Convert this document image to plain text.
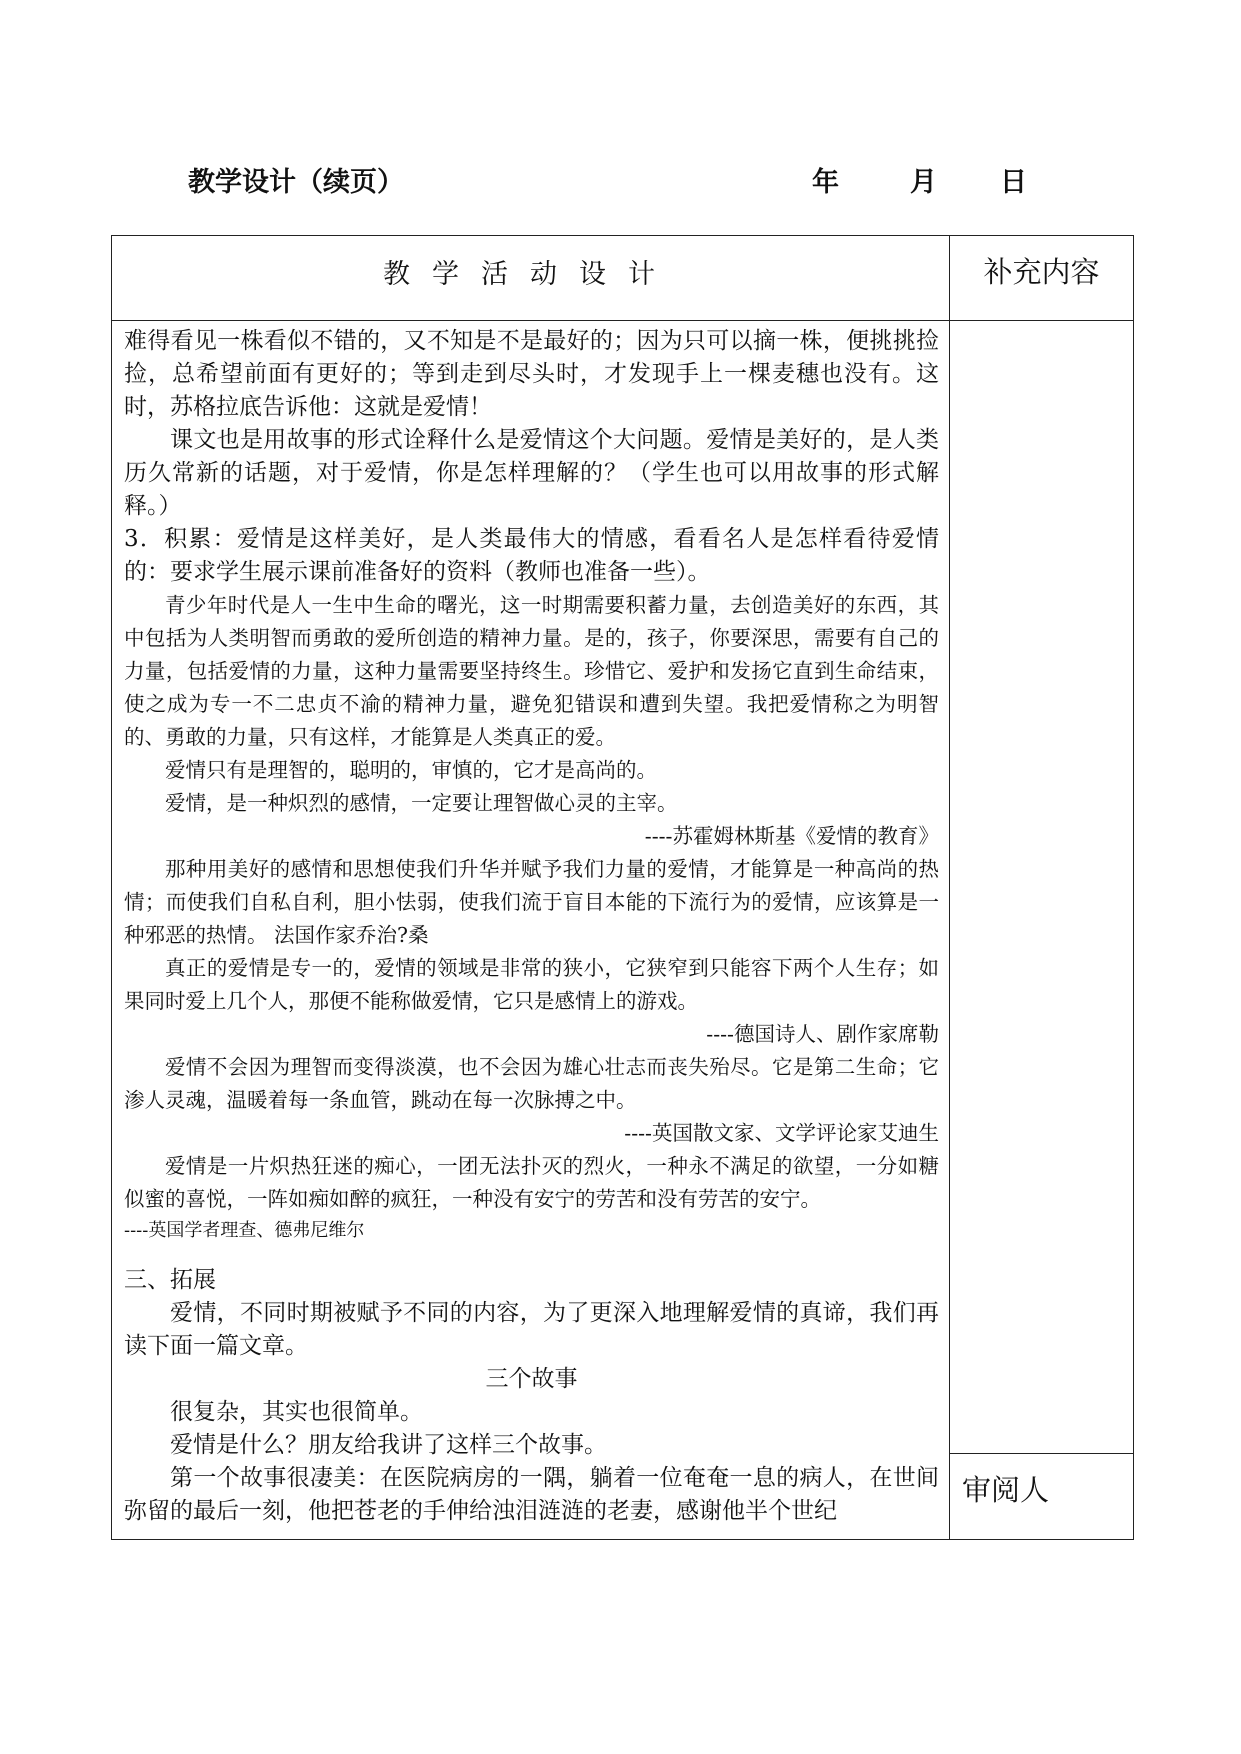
教学设计（续页）	年	月 日
教学活动设计	补充内容
审阅人

难得看见一株看似不错的，又不知是不是最好的；因为只可以摘一株，便挑挑捡捡，总希望前面有更好的；等到走到尽头时，才发现手上一棵麦穗也没有。这时，苏格拉底告诉他：这就是爱情！

课文也是用故事的形式诠释什么是爱情这个大问题。爱情是美好的，是人类历久常新的话题，对于爱情，你是怎样理解的？（学生也可以用故事的形式解释。）

3．积累：爱情是这样美好，是人类最伟大的情感，看看名人是怎样看待爱情的：要求学生展示课前准备好的资料（教师也准备一些）。

青少年时代是人一生中生命的曙光，这一时期需要积蓄力量，去创造美好的东西，其中包括为人类明智而勇敢的爱所创造的精神力量。是的，孩子，你要深思，需要有自己的力量，包括爱情的力量，这种力量需要坚持终生。珍惜它、爱护和发扬它直到生命结束，使之成为专一不二忠贞不渝的精神力量，避免犯错误和遭到失望。我把爱情称之为明智的、勇敢的力量，只有这样，才能算是人类真正的爱。

爱情只有是理智的，聪明的，审慎的，它才是高尚的。

爱情，是一种炽烈的感情，一定要让理智做心灵的主宰。

----苏霍姆林斯基《爱情的教育》

那种用美好的感情和思想使我们升华并赋予我们力量的爱情，才能算是一种高尚的热情；而使我们自私自利，胆小怯弱，使我们流于盲目本能的下流行为的爱情，应该算是一种邪恶的热情。 法国作家乔治?桑

真正的爱情是专一的，爱情的领域是非常的狭小，它狭窄到只能容下两个人生存；如果同时爱上几个人，那便不能称做爱情，它只是感情上的游戏。

----德国诗人、剧作家席勒

爱情不会因为理智而变得淡漠，也不会因为雄心壮志而丧失殆尽。它是第二生命；它渗人灵魂，温暖着每一条血管，跳动在每一次脉搏之中。

----英国散文家、文学评论家艾迪生

爱情是一片炽热狂迷的痴心，一团无法扑灭的烈火，一种永不满足的欲望，一分如糖似蜜的喜悦，一阵如痴如醉的疯狂，一种没有安宁的劳苦和没有劳苦的安宁。

----英国学者理查、德弗尼维尔

三、拓展

爱情，不同时期被赋予不同的内容，为了更深入地理解爱情的真谛，我们再读下面一篇文章。

三个故事

很复杂，其实也很简单。

爱情是什么？朋友给我讲了这样三个故事。

第一个故事很凄美：在医院病房的一隅，躺着一位奄奄一息的病人，在世间弥留的最后一刻，他把苍老的手伸给浊泪涟涟的老妻，感谢他半个世纪
